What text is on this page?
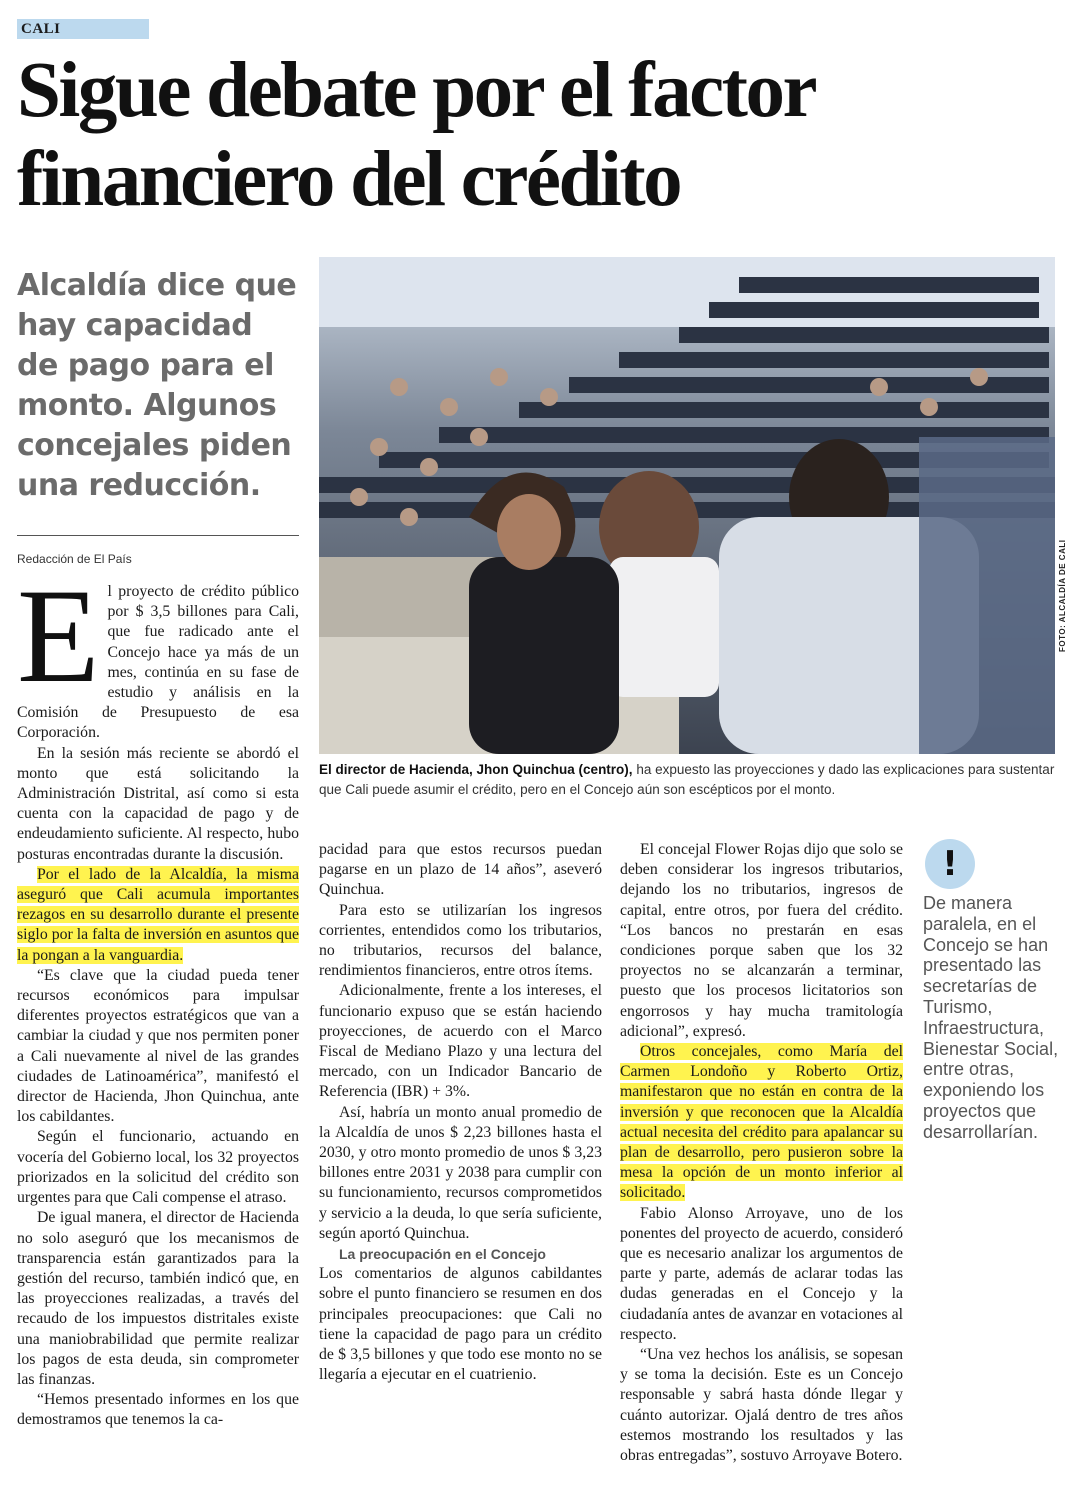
CALI
Sigue debate por el factor financiero del crédito

Alcaldía dice que hay capacidad de pago para el monto. Algunos concejales piden una reducción.

Redacción de El País	FOTO: ALCALDÍA DE CALI

El director de Hacienda, Jhon Quinchua (centro), ha expuesto las proyecciones y dado las explicaciones para sustentar que Cali puede asumir el crédito, pero en el Concejo aún son escépticos por el monto.

E l proyecto de crédito público por $ 3,5 billones para Cali, que fue radicado ante el Concejo hace ya más de un mes, continúa en su fase de estudio y análisis en la Comisión de Presupuesto de esa Corporación.

En la sesión más reciente se abordó el monto que está solicitando la Administración Distrital, así como si esta cuenta con la capacidad de pago y de endeudamiento suficiente. Al respecto, hubo posturas encontradas durante la discusión.

Por el lado de la Alcaldía, la misma aseguró que Cali acumula importantes rezagos en su desarrollo durante el presente siglo por la falta de inversión en asuntos que la pongan a la vanguardia.

“Es clave que la ciudad pueda tener recursos económicos para impulsar diferentes proyectos estratégicos que van a cambiar la ciudad y que nos permiten poner a Cali nuevamente al nivel de las grandes ciudades de Latinoamérica”, manifestó el director de Hacienda, Jhon Quinchua, ante los cabildantes.

Según el funcionario, actuando en vocería del Gobierno local, los 32 proyectos priorizados en la solicitud del crédito son urgentes para que Cali compense el atraso.

De igual manera, el director de Hacienda no solo aseguró que los mecanismos de transparencia están garantizados para la gestión del recurso, también indicó que, en las proyecciones realizadas, a través del recaudo de los impuestos distritales existe una maniobrabilidad que permite realizar los pagos de esta deuda, sin comprometer las finanzas.

“Hemos presentado informes en los que demostramos que tenemos la ca-

pacidad para que estos recursos puedan pagarse en un plazo de 14 años”, aseveró Quinchua.

Para esto se utilizarían los ingresos corrientes, entendidos como los tributarios, no tributarios, recursos del balance, rendimientos financieros, entre otros ítems.

Adicionalmente, frente a los intereses, el funcionario expuso que se están haciendo proyecciones, de acuerdo con el Marco Fiscal de Mediano Plazo y una lectura del mercado, con un Indicador Bancario de Referencia (IBR) + 3%.

Así, habría un monto anual promedio de la Alcaldía de unos $ 2,23 billones hasta el 2030, y otro monto promedio de unos $ 3,23 billones entre 2031 y 2038 para cumplir con su funcionamiento, recursos comprometidos y servicio a la deuda, lo que sería suficiente, según aportó Quinchua.

La preocupación en el Concejo

Los comentarios de algunos cabildantes sobre el punto financiero se resumen en dos principales preocupaciones: que Cali no tiene la capacidad de pago para un crédito de $ 3,5 billones y que todo ese monto no se llegaría a ejecutar en el cuatrienio.

El concejal Flower Rojas dijo que solo se deben considerar los ingresos tributarios, dejando los no tributarios, ingresos de capital, entre otros, por fuera del crédito. “Los bancos no prestarán en esas condiciones porque saben que los 32 proyectos no se alcanzarán a terminar, puesto que los procesos licitatorios son engorrosos y hay mucha tramitología adicional”, expresó.

Otros concejales, como María del Carmen Londoño y Roberto Ortiz, manifestaron que no están en contra de la inversión y que reconocen que la Alcaldía actual necesita del crédito para apalancar su plan de desarrollo, pero pusieron sobre la mesa la opción de un monto inferior al solicitado.

Fabio Alonso Arroyave, uno de los ponentes del proyecto de acuerdo, consideró que es necesario analizar los argumentos de parte y parte, además de aclarar todas las dudas generadas en el Concejo y la ciudadanía antes de avanzar en votaciones al respecto.

“Una vez hechos los análisis, se sopesan y se toma la decisión. Este es un Concejo responsable y sabrá hasta dónde llegar y cuánto autorizar. Ojalá dentro de tres años estemos mostrando los resultados y las obras entregadas”, sostuvo Arroyave Botero.

!

De manera paralela, en el Concejo se han presentado las secretarías de Turismo, Infraestructura, Bienestar Social, entre otras, exponiendo los proyectos que desarrollarían.
